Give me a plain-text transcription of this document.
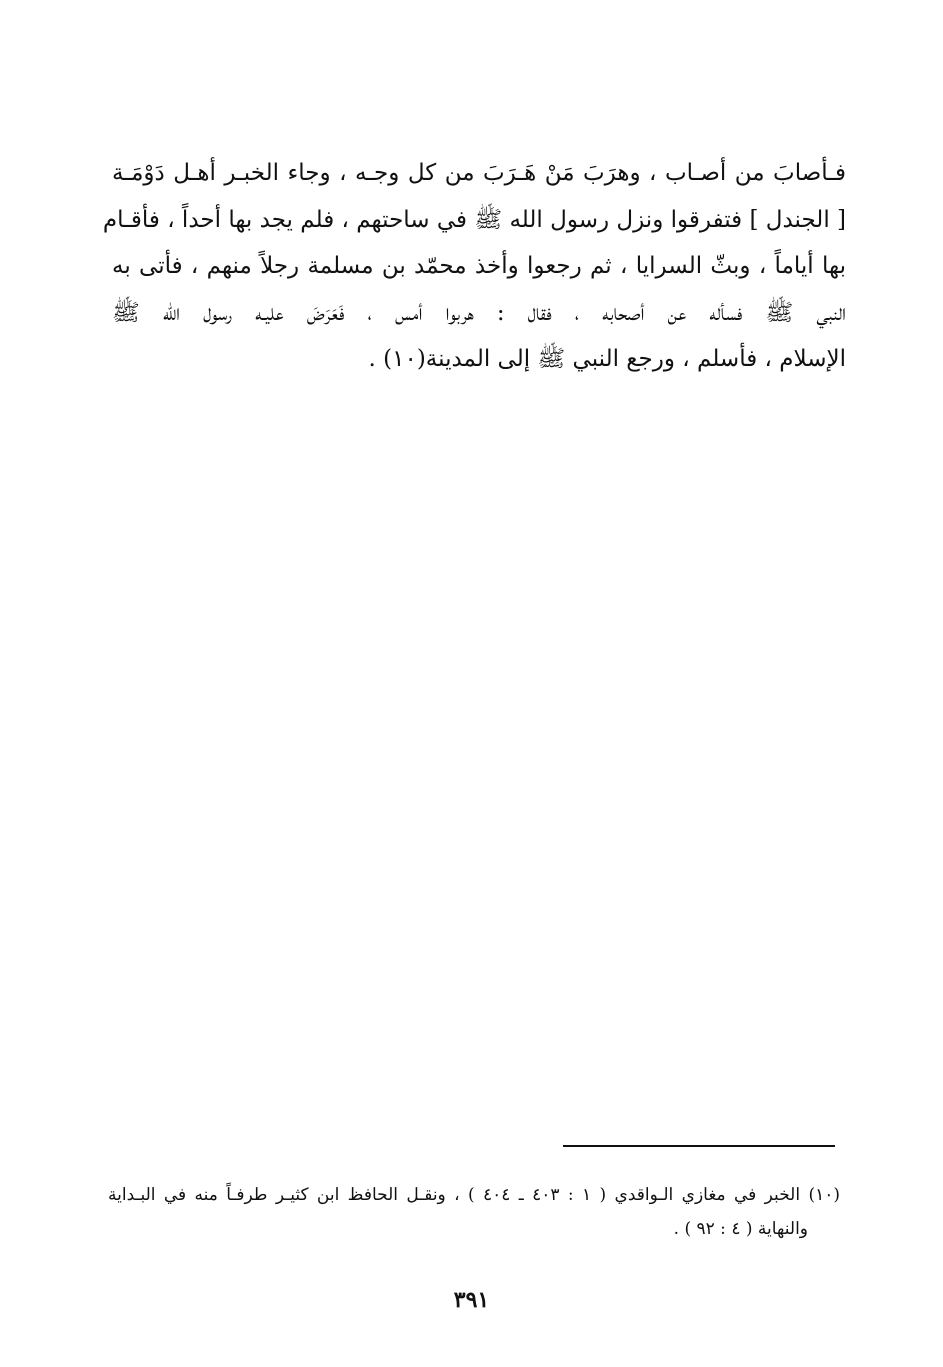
فـأصابَ من أصـاب ، وهرَبَ مَنْ هَـرَبَ من كل وجـه ، وجاء الخبـر أهـل دَوْمَـة
[ الجندل ] فتفرقوا ونزل رسول الله ﷺ في ساحتهم ، فلم يجد بها أحداً ، فأقـام
بها أياماً ، وبثّ السرايا ، ثم رجعوا وأخذ محمّد بن مسلمة رجلاً منهم ، فأتى به
النبي ﷺ فسأله عن أصحابه ، فقال : هربوا أمس ، فَعَرَضَ عليـه رسول الله ﷺ
الإسلام ، فأسلم ، ورجع النبي ﷺ إلى المدينة(١٠) .
(١٠) الخبر في مغازي الـواقدي ( ١ : ٤٠٣ ـ ٤٠٤ ) ، ونقـل الحافظ ابن كثيـر طرفـاً منه في البـداية
والنهاية ( ٤ : ٩٢ ) .
٣٩١
